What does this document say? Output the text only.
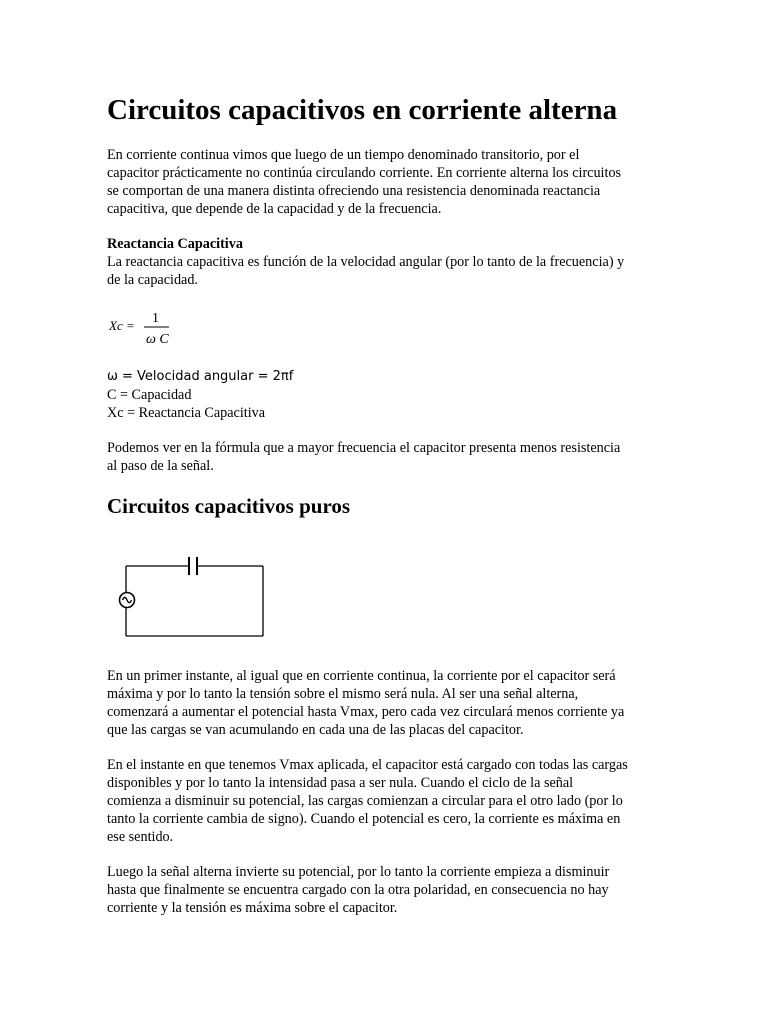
Circuitos capacitivos en corriente alterna

En corriente continua vimos que luego de un tiempo denominado transitorio, por el
capacitor prácticamente no continúa circulando corriente. En corriente alterna los circuitos
se comportan de una manera distinta ofreciendo una resistencia denominada reactancia
capacitiva, que depende de la capacidad y de la frecuencia.

Reactancia Capacitiva
La reactancia capacitiva es función de la velocidad angular (por lo tanto de la frecuencia) y
de la capacidad.

Xc = 1
ω C
ω = Velocidad angular = 2πf
C = Capacidad
Xc = Reactancia Capacitiva

Podemos ver en la fórmula que a mayor frecuencia el capacitor presenta menos resistencia
al paso de la señal.

Circuitos capacitivos puros

En un primer instante, al igual que en corriente continua, la corriente por el capacitor será
máxima y por lo tanto la tensión sobre el mismo será nula. Al ser una señal alterna,
comenzará a aumentar el potencial hasta Vmax, pero cada vez circulará menos corriente ya
que las cargas se van acumulando en cada una de las placas del capacitor.

En el instante en que tenemos Vmax aplicada, el capacitor está cargado con todas las cargas
disponibles y por lo tanto la intensidad pasa a ser nula. Cuando el ciclo de la señal
comienza a disminuir su potencial, las cargas comienzan a circular para el otro lado (por lo
tanto la corriente cambia de signo). Cuando el potencial es cero, la corriente es máxima en
ese sentido.

Luego la señal alterna invierte su potencial, por lo tanto la corriente empieza a disminuir
hasta que finalmente se encuentra cargado con la otra polaridad, en consecuencia no hay
corriente y la tensión es máxima sobre el capacitor.
